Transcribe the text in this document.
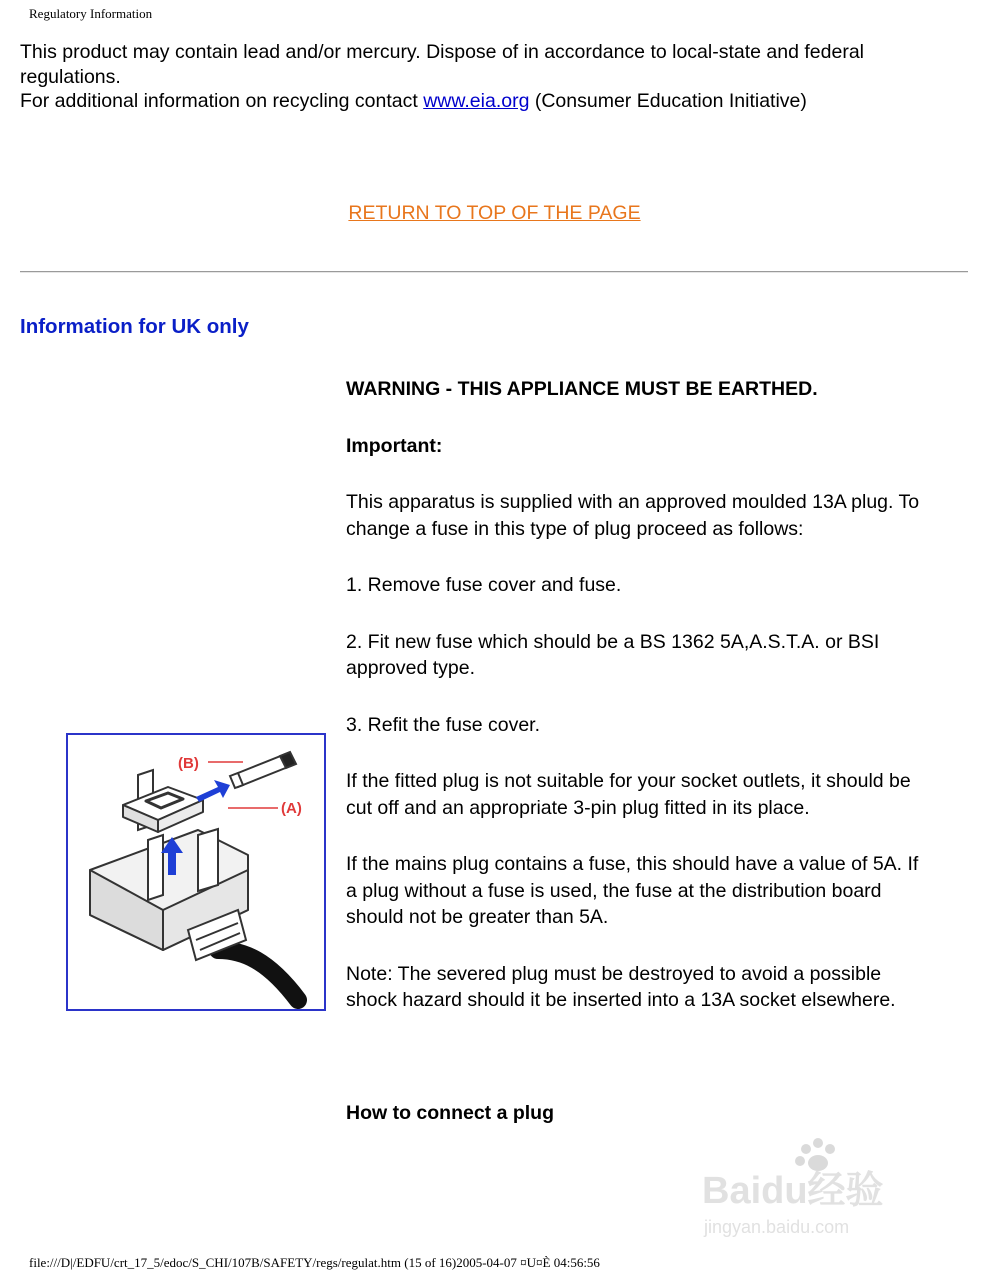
Regulatory Information

This product may contain lead and/or mercury. Dispose of in accordance to local-state and federal regulations.

For additional information on recycling contact www.eia.org (Consumer Education Initiative)

RETURN TO TOP OF THE PAGE
Information for UK only

WARNING - THIS APPLIANCE MUST BE EARTHED.

Important:

This apparatus is supplied with an approved moulded 13A plug. To change a fuse in this type of plug proceed as follows:

1. Remove fuse cover and fuse.

2. Fit new fuse which should be a BS 1362 5A,A.S.T.A. or BSI approved type.

3. Refit the fuse cover.

If the fitted plug is not suitable for your socket outlets, it should be cut off and an appropriate 3-pin plug fitted in its place.

If the mains plug contains a fuse, this should have a value of 5A. If a plug without a fuse is used, the fuse at the distribution board should not be greater than 5A.

Note: The severed plug must be destroyed to avoid a possible shock hazard should it be inserted into a 13A socket elsewhere.

How to connect a plug

(B)
(A)
Baidu经验
jingyan.baidu.com
file:///D|/EDFU/crt_17_5/edoc/S_CHI/107B/SAFETY/regs/regulat.htm (15 of 16)2005-04-07 ¤U¤È 04:56:56
